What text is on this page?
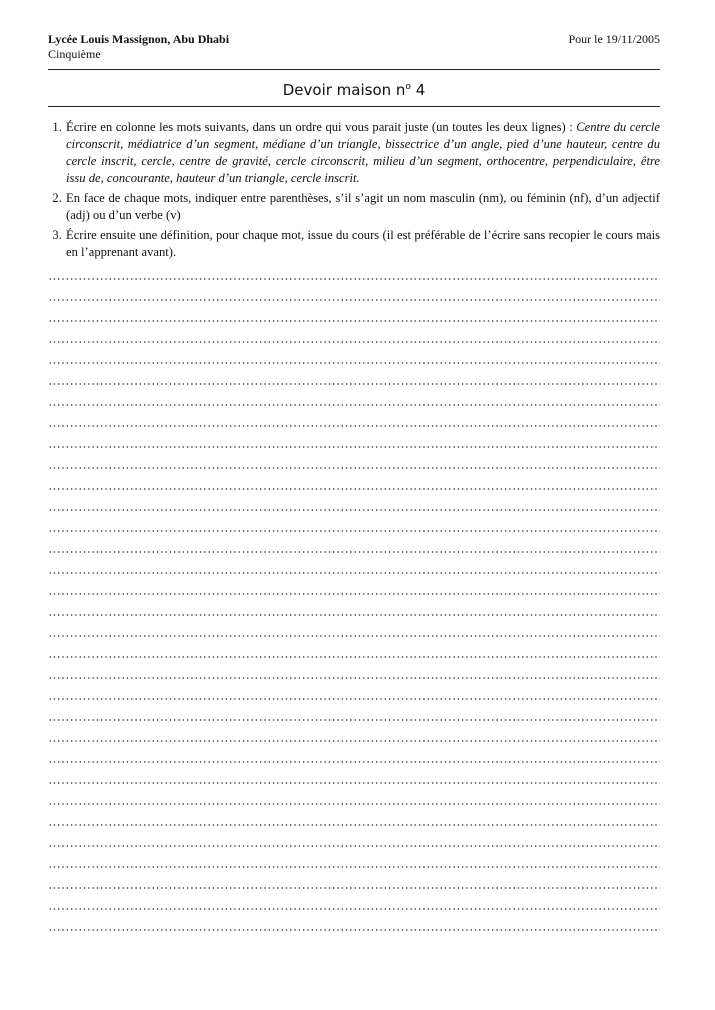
Lycée Louis Massignon, Abu Dhabi	Pour le 19/11/2005
Cinquième
Devoir maison $n^o$ 4
1. Écrire en colonne les mots suivants, dans un ordre qui vous parait juste (un toutes les deux lignes) : Centre du cercle circonscrit, médiatrice d’un segment, médiane d’un triangle, bissectrice d’un angle, pied d’une hauteur, centre du cercle inscrit, cercle, centre de gravité, cercle circonscrit, milieu d’un segment, orthocentre, perpendiculaire, être issu de, concourante, hauteur d’un triangle, cercle inscrit.
2. En face de chaque mots, indiquer entre parenthèses, s’il s’agit un nom masculin (nm), ou féminin (nf), d’un adjectif (adj) ou d’un verbe (v)
3. Écrire ensuite une définition, pour chaque mot, issue du cours (il est préférable de l’écrire sans recopier le cours mais en l’apprenant avant).
